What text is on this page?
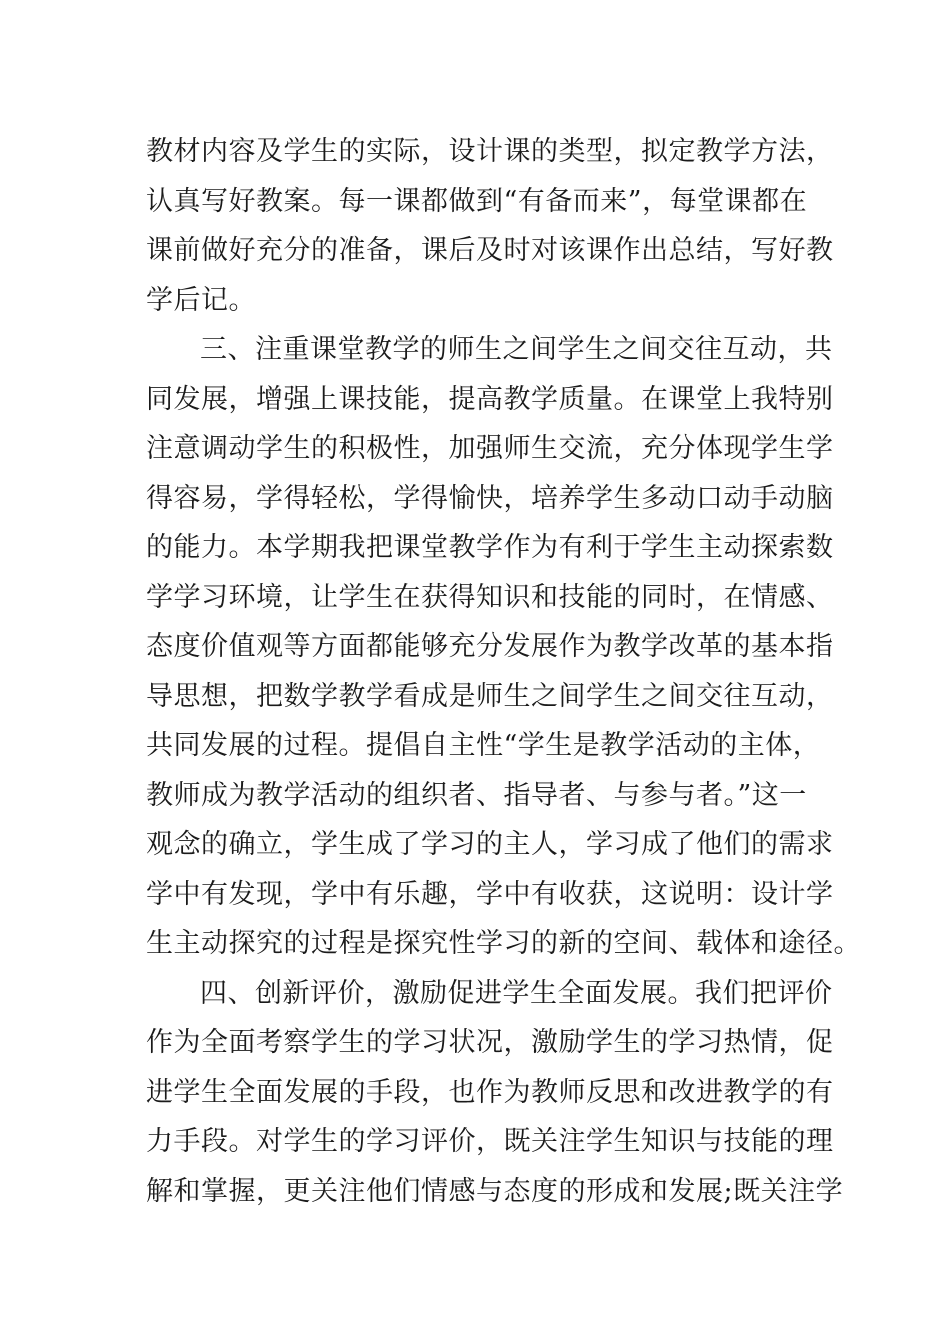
教材内容及学生的实际，设计课的类型，拟定教学方法，
认真写好教案。每一课都做到“有备而来”，每堂课都在
课前做好充分的准备，课后及时对该课作出总结，写好教
学后记。
三、注重课堂教学的师生之间学生之间交往互动，共
同发展，增强上课技能，提高教学质量。在课堂上我特别
注意调动学生的积极性，加强师生交流，充分体现学生学
得容易，学得轻松，学得愉快，培养学生多动口动手动脑
的能力。本学期我把课堂教学作为有利于学生主动探索数
学学习环境，让学生在获得知识和技能的同时，在情感、
态度价值观等方面都能够充分发展作为教学改革的基本指
导思想，把数学教学看成是师生之间学生之间交往互动，
共同发展的过程。提倡自主性“学生是教学活动的主体，
教师成为教学活动的组织者、指导者、与参与者。”这一
观念的确立，学生成了学习的主人，学习成了他们的需求
学中有发现，学中有乐趣，学中有收获，这说明：设计学
生主动探究的过程是探究性学习的新的空间、载体和途径。
四、创新评价，激励促进学生全面发展。我们把评价
作为全面考察学生的学习状况，激励学生的学习热情，促
进学生全面发展的手段，也作为教师反思和改进教学的有
力手段。对学生的学习评价，既关注学生知识与技能的理
解和掌握，更关注他们情感与态度的形成和发展;既关注学
